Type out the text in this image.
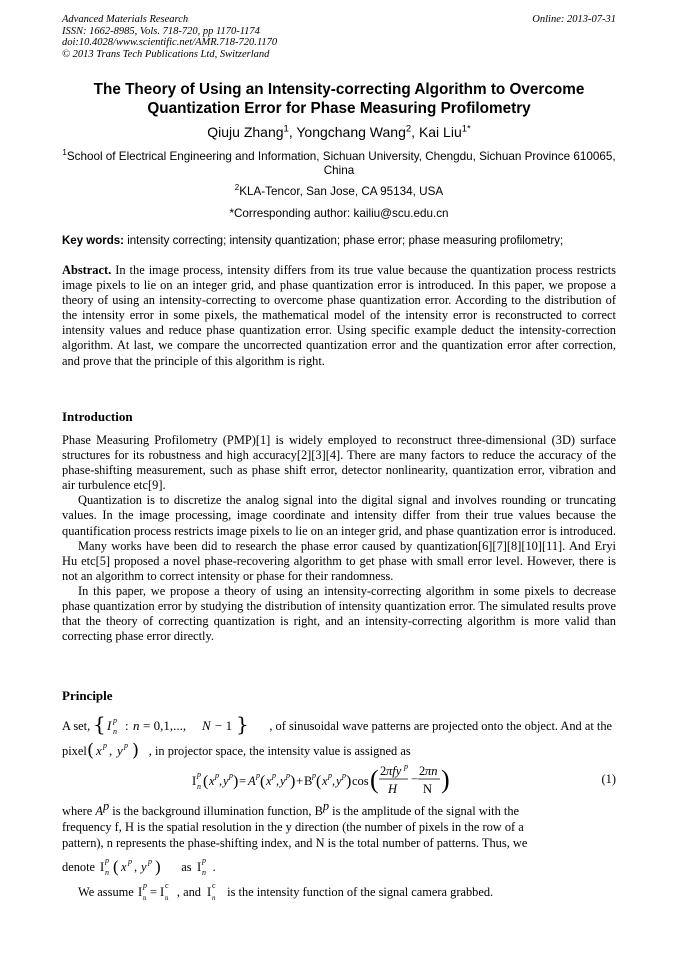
Advanced Materials Research	Online: 2013-07-31
ISSN: 1662-8985, Vols. 718-720, pp 1170-1174
doi:10.4028/www.scientific.net/AMR.718-720.1170
© 2013 Trans Tech Publications Ltd, Switzerland
The Theory of Using an Intensity-correcting Algorithm to Overcome
Quantization Error for Phase Measuring Profilometry
Qiuju Zhang$^1$, Yongchang Wang$^2$, Kai Liu$^{1*}$
$^1$School of Electrical Engineering and Information, Sichuan University, Chengdu, Sichuan Province 610065, China
$^2$KLA-Tencor, San Jose, CA 95134, USA
*Corresponding author: kailiu@scu.edu.cn
Key words: intensity correcting; intensity quantization; phase error; phase measuring profilometry;
Abstract. In the image process, intensity differs from its true value because the quantization process restricts image pixels to lie on an integer grid, and phase quantization error is introduced. In this paper, we propose a theory of using an intensity-correcting to overcome phase quantization error. According to the distribution of the intensity error in some pixels, the mathematical model of the intensity error is reconstructed to correct intensity values and reduce phase quantization error. Using specific example deduct the intensity-correction algorithm. At last, we compare the uncorrected quantization error and the quantization error after correction, and prove that the principle of this algorithm is right.
Introduction

Phase Measuring Profilometry (PMP)[1] is widely employed to reconstruct three-dimensional (3D) surface structures for its robustness and high accuracy[2][3][4]. There are many factors to reduce the accuracy of the phase-shifting measurement, such as phase shift error, detector nonlinearity, quantization error, vibration and air turbulence etc[9].

Quantization is to discretize the analog signal into the digital signal and involves rounding or truncating values. In the image processing, image coordinate and intensity differ from their true values because the quantification process restricts image pixels to lie on an integer grid, and phase quantization error is introduced.

Many works have been did to research the phase error caused by quantization[6][7][8][10][11]. And Eryi Hu etc[5] proposed a novel phase-recovering algorithm to get phase with small error level. However, there is not an algorithm to correct intensity or phase for their randomness.

In this paper, we propose a theory of using an intensity-correcting algorithm in some pixels to decrease phase quantization error by studying the distribution of intensity quantization error. The simulated results prove that the theory of correcting quantization is right, and an intensity-correcting algorithm is more valid than correcting phase error directly.

Principle
A set, { I p
n : n = 0,1,..., N − 1 } , of sinusoidal wave patterns are projected onto the object. And at the
pixel ( x p , y p ) , in projector space, the intensity value is assigned as
I p
n ( x p , y p ) = A p ( x p , y p ) + B p ( x p , y p ) cos ( 2 πfy p
H
−
2 πn
N )	(1)
where $A^p$ is the background illumination function, $B^p$ is the amplitude of the signal with the
frequency f, H is the spatial resolution in the y direction (the number of pixels in the row of a
pattern), n represents the phase-shifting index, and N is the total number of patterns. Thus, we
denote I p
n ( x p , y p ) as I p
n .
We assume I p
n = I c
n , and I c
n is the intensity function of the signal camera grabbed.
